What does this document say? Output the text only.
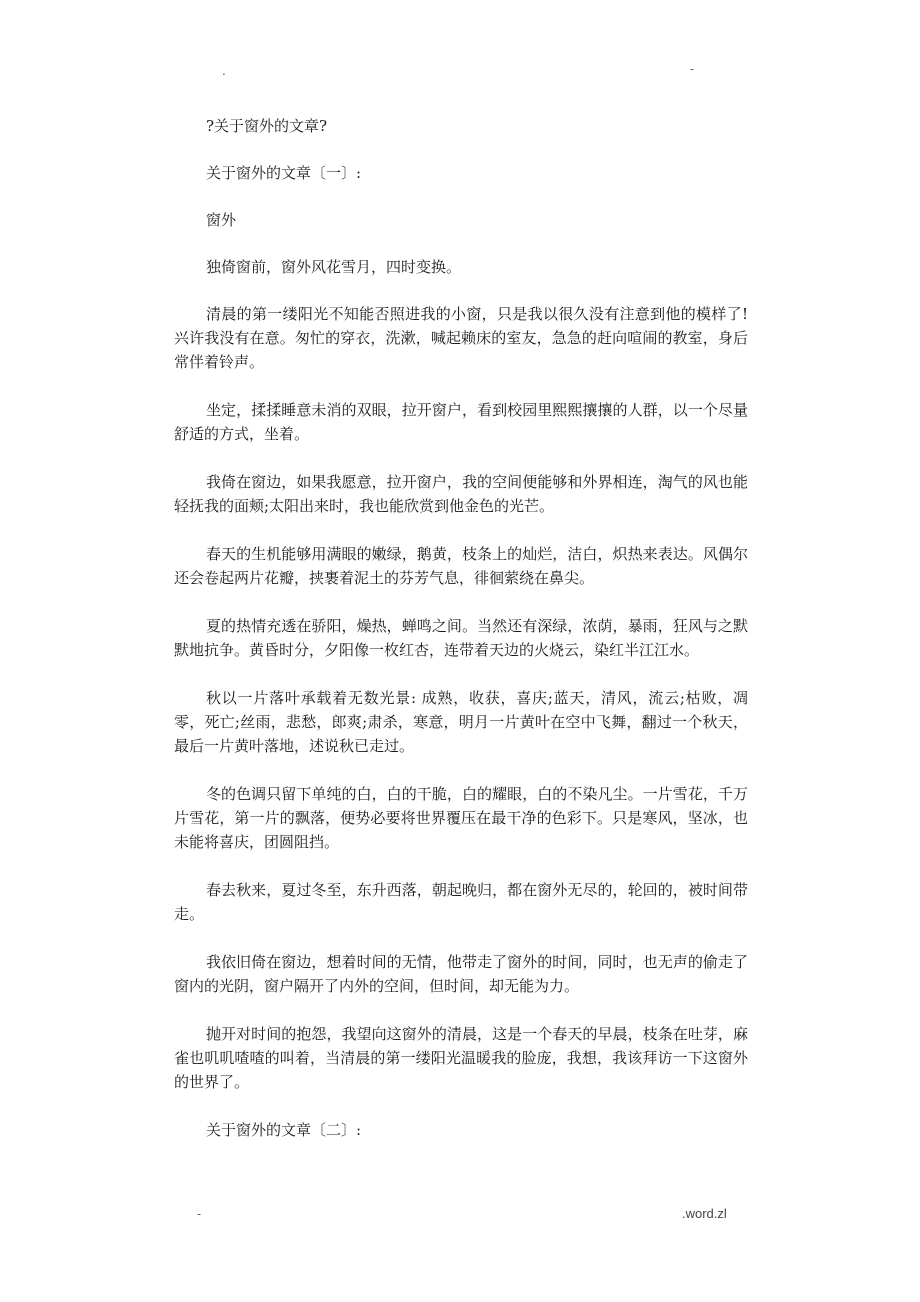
.	-

?关于窗外的文章?

关于窗外的文章〔一〕:

窗外

独倚窗前，窗外风花雪月，四时变换。

清晨的第一缕阳光不知能否照进我的小窗，只是我以很久没有注意到他的模样了!兴许我没有在意。匆忙的穿衣，洗漱，喊起赖床的室友，急急的赶向喧闹的教室，身后常伴着铃声。

坐定，揉揉睡意未消的双眼，拉开窗户，看到校园里熙熙攘攘的人群，以一个尽量舒适的方式，坐着。

我倚在窗边，如果我愿意，拉开窗户，我的空间便能够和外界相连，淘气的风也能轻抚我的面颊;太阳出来时，我也能欣赏到他金色的光芒。

春天的生机能够用满眼的嫩绿，鹅黄，枝条上的灿烂，洁白，炽热来表达。风偶尔还会卷起两片花瓣，挟裹着泥土的芬芳气息，徘徊萦绕在鼻尖。

夏的热情充透在骄阳，燥热，蝉鸣之间。当然还有深绿，浓荫，暴雨，狂风与之默默地抗争。黄昏时分，夕阳像一枚红杏，连带着天边的火烧云，染红半江江水。

秋以一片落叶承载着无数光景: 成熟，收获，喜庆;蓝天，清风，流云;枯败，凋零，死亡;丝雨，悲愁，郎爽;肃杀，寒意，明月一片黄叶在空中飞舞，翻过一个秋天，最后一片黄叶落地，述说秋已走过。

冬的色调只留下单纯的白，白的干脆，白的耀眼，白的不染凡尘。一片雪花，千万片雪花，第一片的飘落，便势必要将世界覆压在最干净的色彩下。只是寒风，坚冰，也未能将喜庆，团圆阻挡。

春去秋来，夏过冬至，东升西落，朝起晚归，都在窗外无尽的，轮回的，被时间带走。

我依旧倚在窗边，想着时间的无情，他带走了窗外的时间，同时，也无声的偷走了窗内的光阴，窗户隔开了内外的空间，但时间，却无能为力。

抛开对时间的抱怨，我望向这窗外的清晨，这是一个春天的早晨，枝条在吐芽，麻雀也叽叽喳喳的叫着，当清晨的第一缕阳光温暖我的脸庞，我想，我该拜访一下这窗外的世界了。

关于窗外的文章〔二〕:

-	.word.zl
